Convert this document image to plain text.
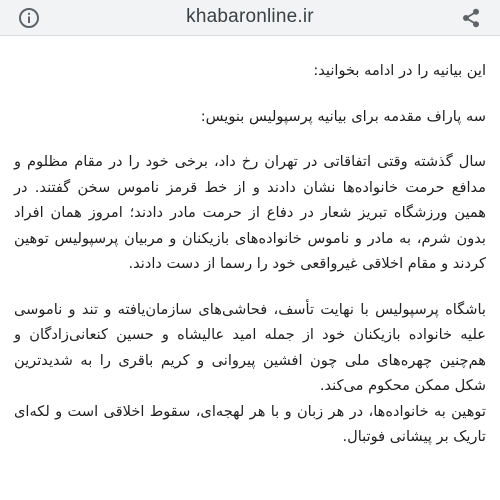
khabaronline.ir

این بیانیه را در ادامه بخوانید:

سه پاراف مقدمه برای بیانیه پرسپولیس بنویس:

سال گذشته وقتی اتفاقاتی در تهران رخ داد، برخی خود را در مقام مظلوم و مدافع حرمت خانواده‌ها نشان دادند و از خط قرمز ناموس سخن گفتند. در همین ورزشگاه تبریز شعار در دفاع از حرمت مادر دادند؛ امروز همان افراد بدون شرم، به مادر و ناموس خانواده‌های بازیکنان و مربیان پرسپولیس توهین کردند و مقام اخلاقی غیرواقعی خود را رسما از دست دادند.

باشگاه پرسپولیس با نهایت تأسف، فحاشی‌های سازمان‌یافته و تند و ناموسی علیه خانواده بازیکنان خود از جمله امید عالیشاه و حسین کنعانی‌زادگان و هم‌چنین چهره‌های ملی چون افشین پیروانی و کریم باقری را به شدیدترین شکل ممکن محکوم می‌کند.

توهین به خانواده‌ها، در هر زبان و با هر لهجه‌ای، سقوط اخلاقی است و لکه‌ای تاریک بر پیشانی فوتبال.
